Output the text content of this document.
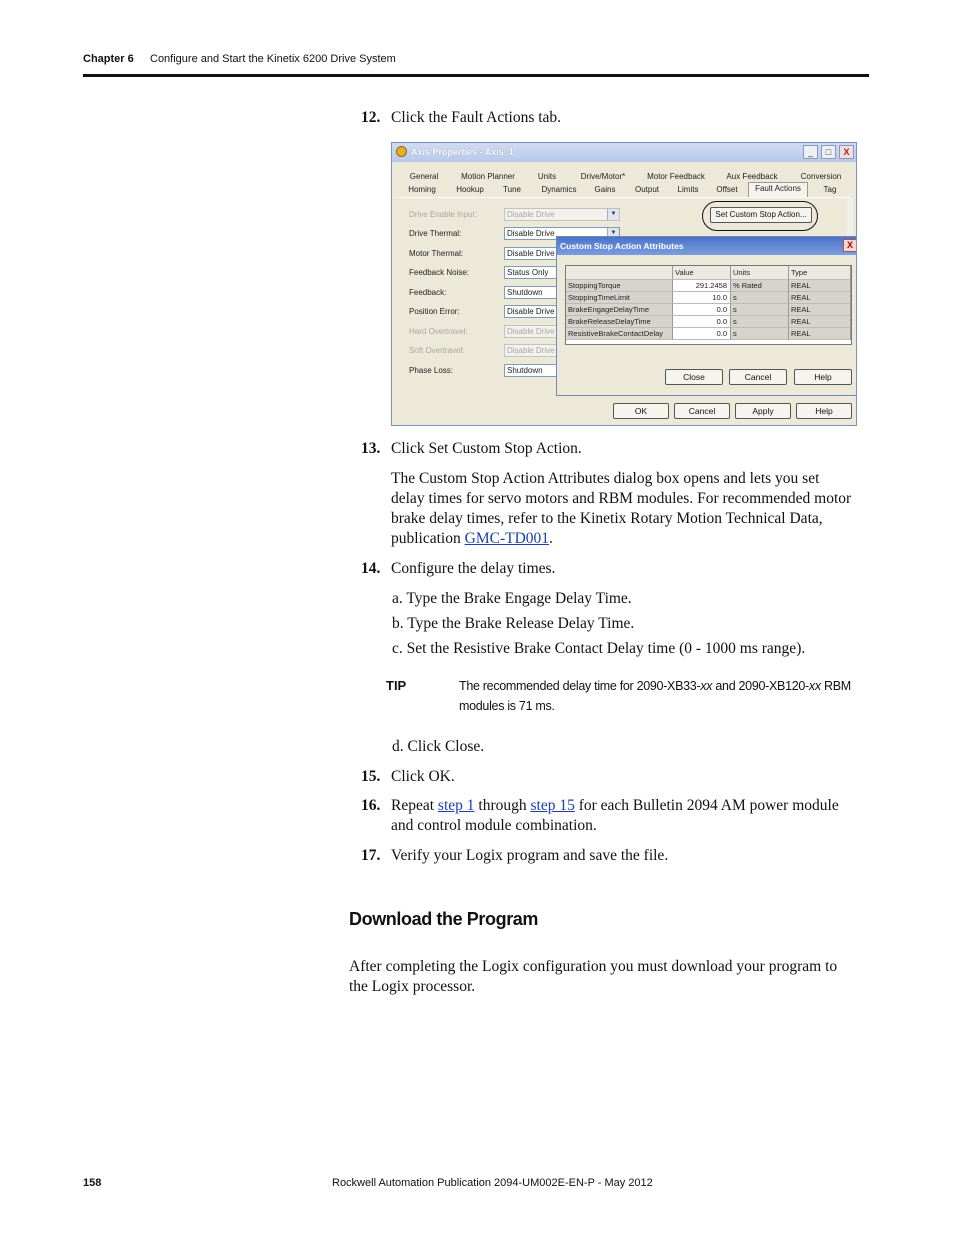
Chapter 6 Configure and Start the Kinetix 6200 Drive System
12. Click the Fault Actions tab.
Axis Properties - Axis_1	_	□	X
General	Motion Planner	Units	Drive/Motor*	Motor Feedback	Aux Feedback	Conversion
Homing	Hookup	Tune	Dynamics	Gains	Output	Limits	Offset	Fault Actions	Tag
Set Custom Stop Action...
Drive Enable Input:	Disable Drive	▼
Drive Thermal:	Disable Drive	▼
Motor Thermal:	Disable Drive
Feedback Noise:	Status Only
Feedback:	Shutdown
Position Error:	Disable Drive
Hard Overtravel:	Disable Drive
Soft Overtravel:	Disable Drive
Phase Loss:	Shutdown
OK	Cancel	Apply	Help
Custom Stop Action Attributes	X
Value	Units	Type
StoppingTorque	291.2458 % Rated	REAL
StoppingTimeLimit	10.0 s	REAL
BrakeEngageDelayTime	0.0 s	REAL
BrakeReleaseDelayTime	0.0 s	REAL
ResistiveBrakeContactDelay	0.0 s	REAL
Close	Cancel	Help
13. Click Set Custom Stop Action.
The Custom Stop Action Attributes dialog box opens and lets you set
delay times for servo motors and RBM modules. For recommended motor
brake delay times, refer to the Kinetix Rotary Motion Technical Data,
publication GMC-TD001.
14. Configure the delay times.
a. Type the Brake Engage Delay Time.
b. Type the Brake Release Delay Time.
c. Set the Resistive Brake Contact Delay time (0 - 1000 ms range).
TIP	The recommended delay time for 2090-XB33-xx and 2090-XB120-xx RBM
modules is 71 ms.
d. Click Close.
15. Click OK.
16. Repeat step 1 through step 15 for each Bulletin 2094 AM power module
and control module combination.
17. Verify your Logix program and save the file.
Download the Program
After completing the Logix configuration you must download your program to
the Logix processor.
158	Rockwell Automation Publication 2094-UM002E-EN-P - May 2012
